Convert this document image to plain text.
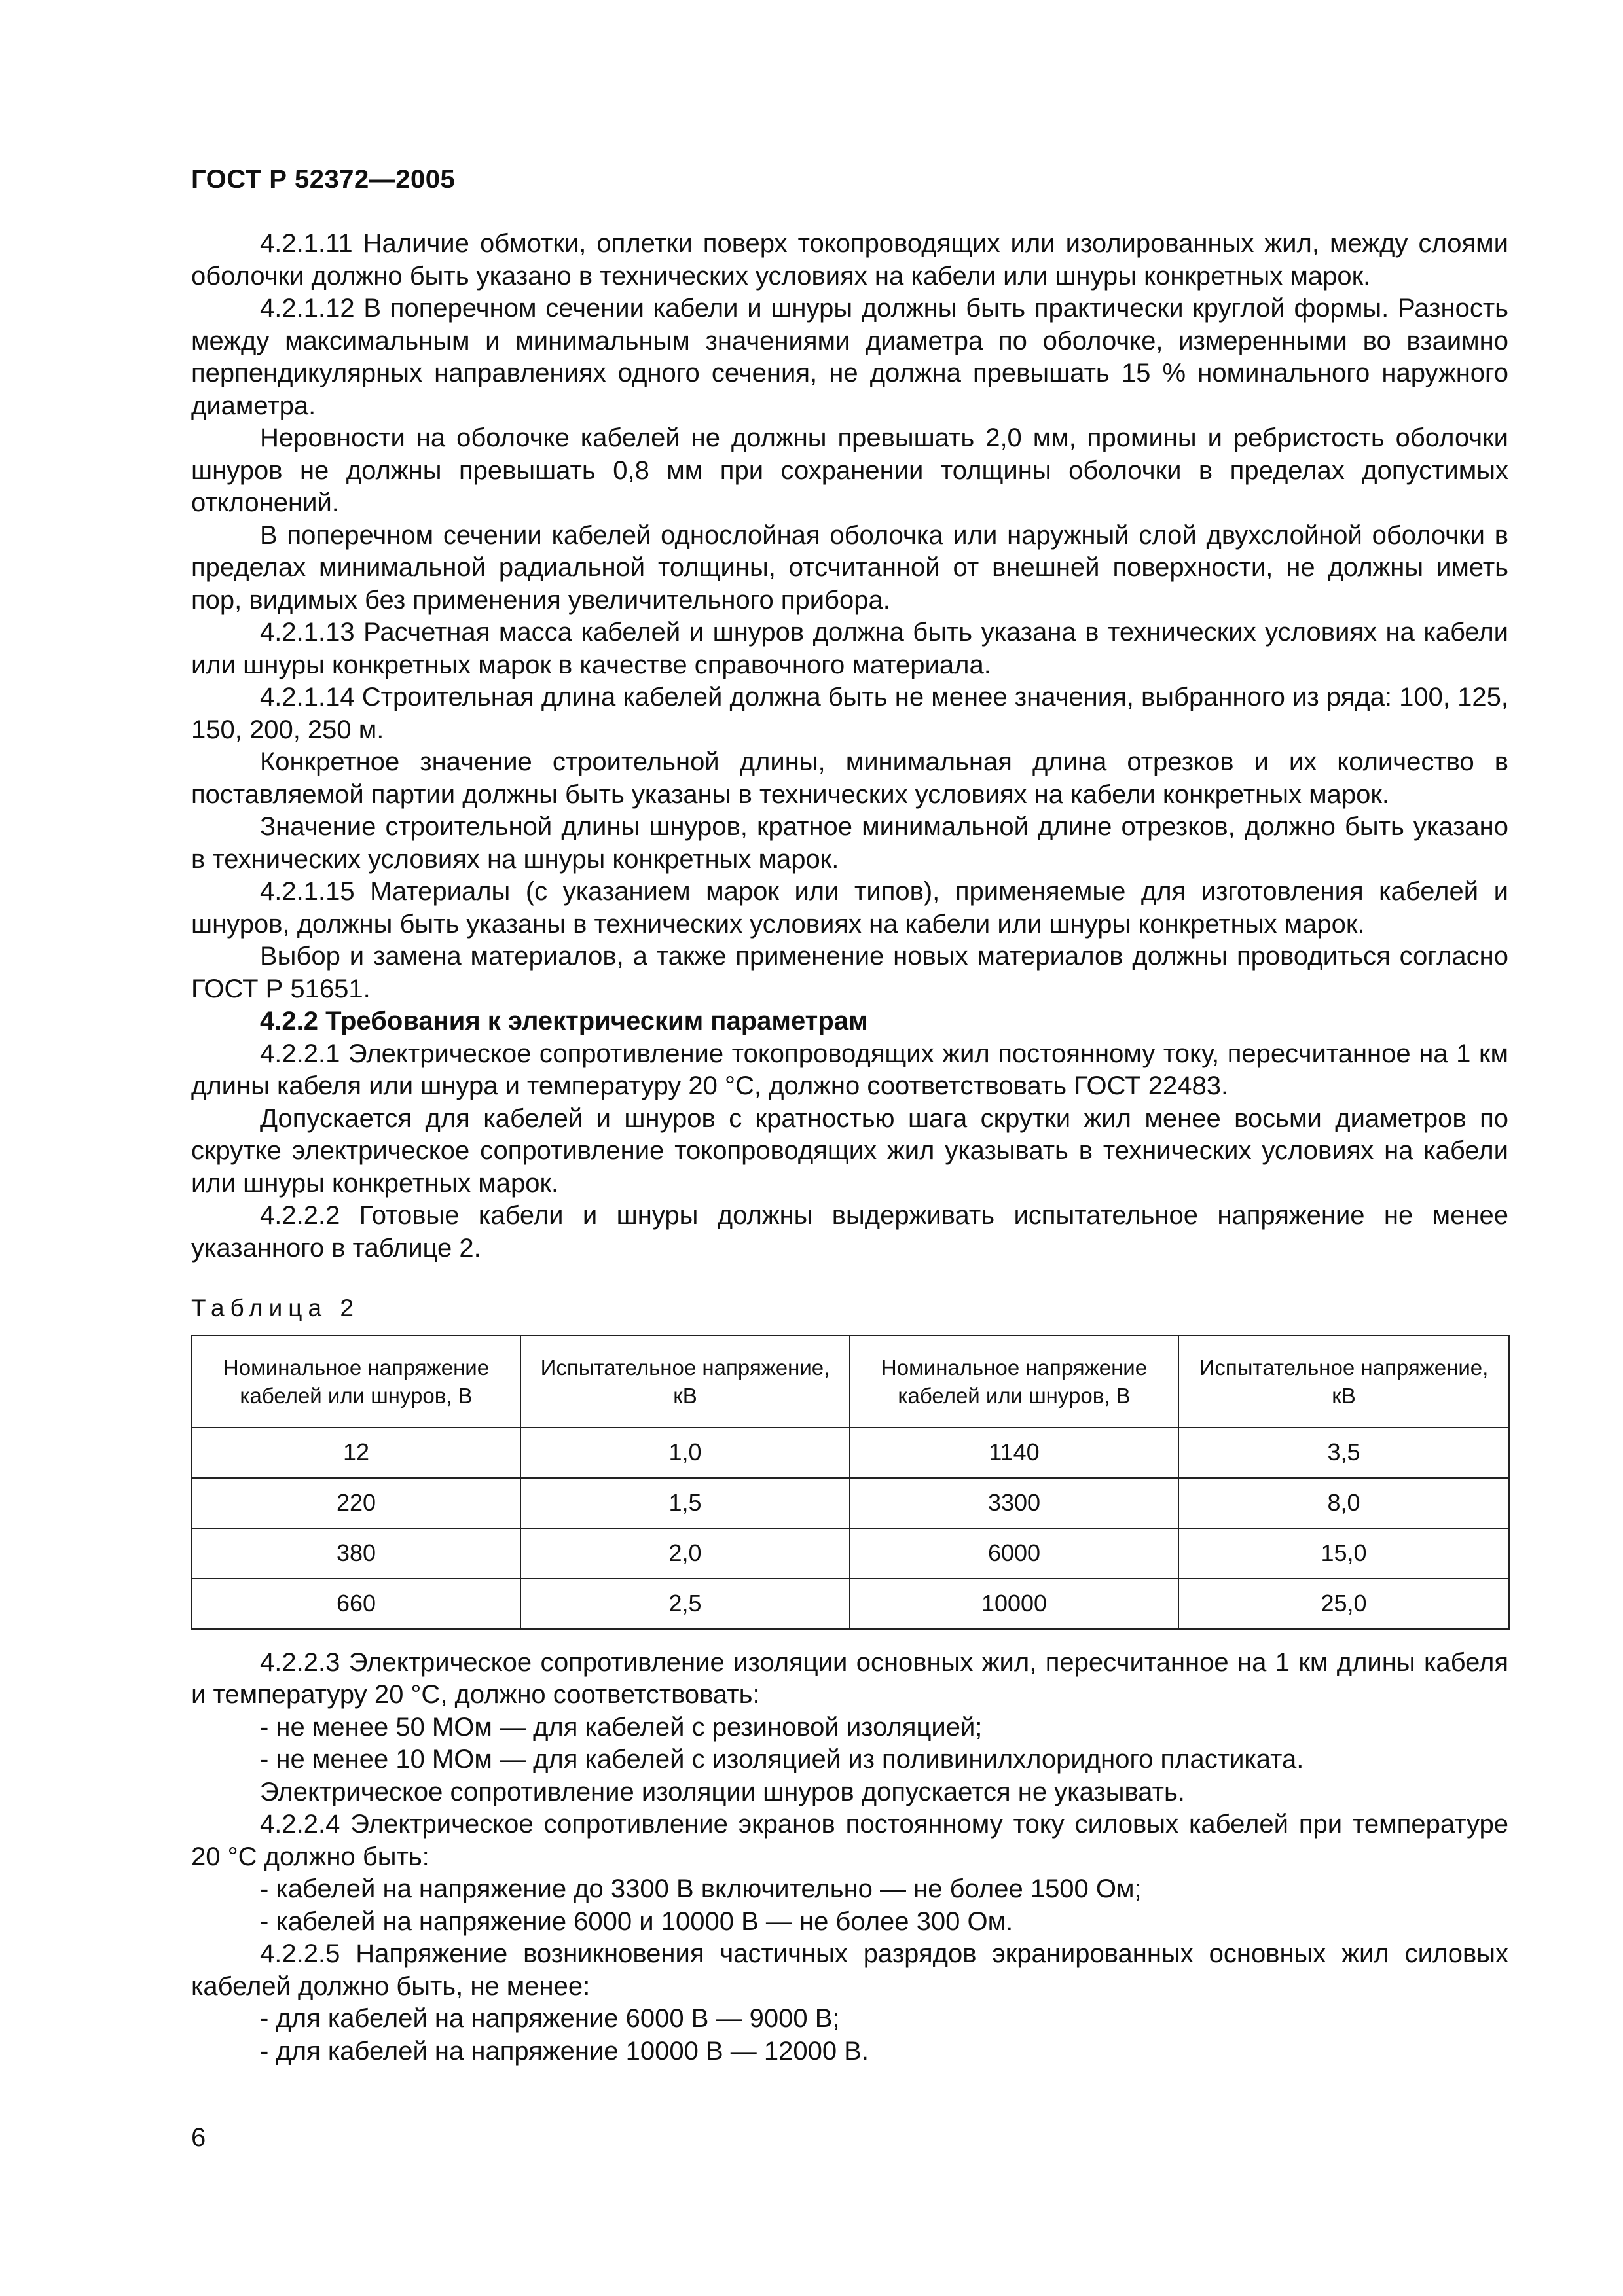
ГОСТ Р 52372—2005

4.2.1.11 Наличие обмотки, оплетки поверх токопроводящих или изолированных жил, между слоями оболочки должно быть указано в технических условиях на кабели или шнуры конкретных марок.

4.2.1.12 В поперечном сечении кабели и шнуры должны быть практически круглой формы. Разность между максимальным и минимальным значениями диаметра по оболочке, измеренными во взаимно перпендикулярных направлениях одного сечения, не должна превышать 15 % номинального наружного диаметра.

Неровности на оболочке кабелей не должны превышать 2,0 мм, промины и ребристость оболочки шнуров не должны превышать 0,8 мм при сохранении толщины оболочки в пределах допустимых отклонений.

В поперечном сечении кабелей однослойная оболочка или наружный слой двухслойной оболочки в пределах минимальной радиальной толщины, отсчитанной от внешней поверхности, не должны иметь пор, видимых без применения увеличительного прибора.

4.2.1.13 Расчетная масса кабелей и шнуров должна быть указана в технических условиях на кабели или шнуры конкретных марок в качестве справочного материала.

4.2.1.14 Строительная длина кабелей должна быть не менее значения, выбранного из ряда: 100, 125, 150, 200, 250 м.

Конкретное значение строительной длины, минимальная длина отрезков и их количество в поставляемой партии должны быть указаны в технических условиях на кабели конкретных марок.

Значение строительной длины шнуров, кратное минимальной длине отрезков, должно быть указано в технических условиях на шнуры конкретных марок.

4.2.1.15 Материалы (с указанием марок или типов), применяемые для изготовления кабелей и шнуров, должны быть указаны в технических условиях на кабели или шнуры конкретных марок.

Выбор и замена материалов, а также применение новых материалов должны проводиться согласно ГОСТ Р 51651.

4.2.2 Требования к электрическим параметрам

4.2.2.1 Электрическое сопротивление токопроводящих жил постоянному току, пересчитанное на 1 км длины кабеля или шнура и температуру 20 °С, должно соответствовать ГОСТ 22483.

Допускается для кабелей и шнуров с кратностью шага скрутки жил менее восьми диаметров по скрутке электрическое сопротивление токопроводящих жил указывать в технических условиях на кабели или шнуры конкретных марок.

4.2.2.2 Готовые кабели и шнуры должны выдерживать испытательное напряжение не менее указанного в таблице 2.

Таблица 2
Номинальное напряжение кабелей или шнуров, В	Испытательное напряжение, кВ	Номинальное напряжение кабелей или шнуров, В	Испытательное напряжение, кВ
12	1,0	1140	3,5
220	1,5	3300	8,0
380	2,0	6000	15,0
660	2,5	10000	25,0

4.2.2.3 Электрическое сопротивление изоляции основных жил, пересчитанное на 1 км длины кабеля и температуру 20 °С, должно соответствовать:

- не менее 50 МОм — для кабелей с резиновой изоляцией;

- не менее 10 МОм — для кабелей с изоляцией из поливинилхлоридного пластиката.

Электрическое сопротивление изоляции шнуров допускается не указывать.

4.2.2.4 Электрическое сопротивление экранов постоянному току силовых кабелей при температуре 20 °С должно быть:

- кабелей на напряжение до 3300 В включительно — не более 1500 Ом;

- кабелей на напряжение 6000 и 10000 В — не более 300 Ом.

4.2.2.5 Напряжение возникновения частичных разрядов экранированных основных жил силовых кабелей должно быть, не менее:

- для кабелей на напряжение 6000 В — 9000 В;

- для кабелей на напряжение 10000 В — 12000 В.

6
